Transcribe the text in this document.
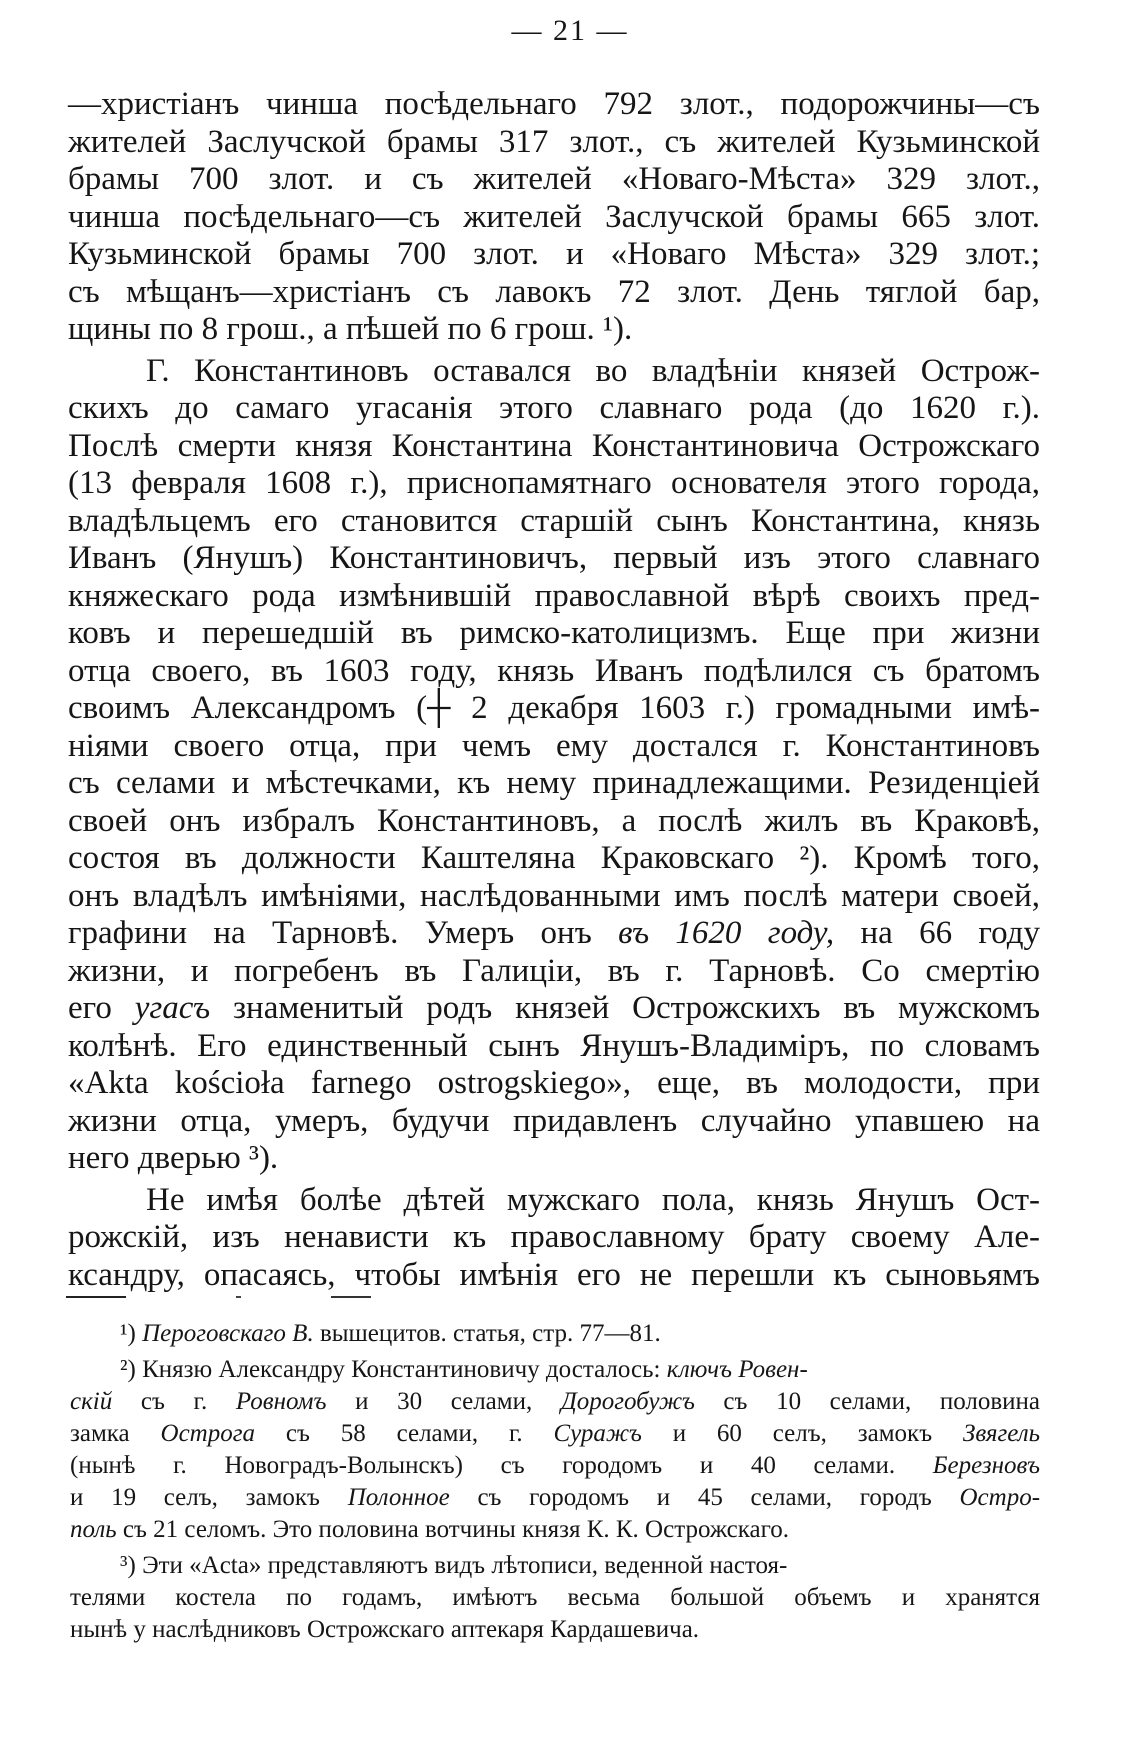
— 21 —

—христіанъ чинша посѣдельнаго 792 злот., подорожчины—съ
жителей Заслучской брамы 317 злот., съ жителей Кузьминской
брамы 700 злот. и съ жителей «Новаго-Мѣста» 329 злот.,
чинша посѣдельнаго—съ жителей Заслучской брамы 665 злот.
Кузьминской брамы 700 злот. и «Новаго Мѣста» 329 злот.;
съ мѣщанъ—христіанъ съ лавокъ 72 злот. День тяглой бар,
щины по 8 грош., а пѣшей по 6 грош. ¹).

Г. Константиновъ оставался во владѣніи князей Острож-
скихъ до самаго угасанія этого славнаго рода (до 1620 г.).
Послѣ смерти князя Константина Константиновича Острожскаго
(13 февраля 1608 г.), приснопамятнаго основателя этого города,
владѣльцемъ его становится старшій сынъ Константина, князь
Иванъ (Янушъ) Константиновичъ, первый изъ этого славнаго
княжескаго рода измѣнившій православной вѣрѣ своихъ пред-
ковъ и перешедшій въ римско-католицизмъ. Еще при жизни
отца своего, въ 1603 году, князь Иванъ подѣлился съ братомъ
своимъ Александромъ (┼ 2 декабря 1603 г.) громадными имѣ-
ніями своего отца, при чемъ ему достался г. Константиновъ
съ селами и мѣстечками, къ нему принадлежащими. Резиденціей
своей онъ избралъ Константиновъ, а послѣ жилъ въ Краковѣ,
состоя въ должности Каштеляна Краковскаго ²). Кромѣ того,
онъ владѣлъ имѣніями, наслѣдованными имъ послѣ матери своей,
графини на Тарновѣ. Умеръ онъ въ 1620 году, на 66 году
жизни, и погребенъ въ Галиціи, въ г. Тарновѣ. Со смертію
его угасъ знаменитый родъ князей Острожскихъ въ мужскомъ
колѣнѣ. Его единственный сынъ Янушъ-Владиміръ, по словамъ
«Akta kościoła farnego ostrogskiego», еще, въ молодости, при
жизни отца, умеръ, будучи придавленъ случайно упавшею на
него дверью ³).

Не имѣя болѣе дѣтей мужскаго пола, князь Янушъ Ост-
рожскій, изъ ненависти къ православному брату своему Але-
ксандру, опасаясь, чтобы имѣнія его не перешли къ сыновьямъ

¹) Пероговскаго В. вышецитов. статья, стр. 77—81.

²) Князю Александру Константиновичу досталось: ключъ Ровен-
скій съ г. Ровномъ и 30 селами, Дорогобужъ съ 10 селами, половина
замка Острога съ 58 селами, г. Суражъ и 60 селъ, замокъ Звягель
(нынѣ г. Новоградъ-Волынскъ) съ городомъ и 40 селами. Березновъ
и 19 селъ, замокъ Полонное съ городомъ и 45 селами, городъ Остро-
поль съ 21 селомъ. Это половина вотчины князя К. К. Острожскаго.

³) Эти «Acta» представляютъ видъ лѣтописи, веденной настоя-
телями костела по годамъ, имѣютъ весьма большой объемъ и хранятся
нынѣ у наслѣдниковъ Острожскаго аптекаря Кардашевича.
